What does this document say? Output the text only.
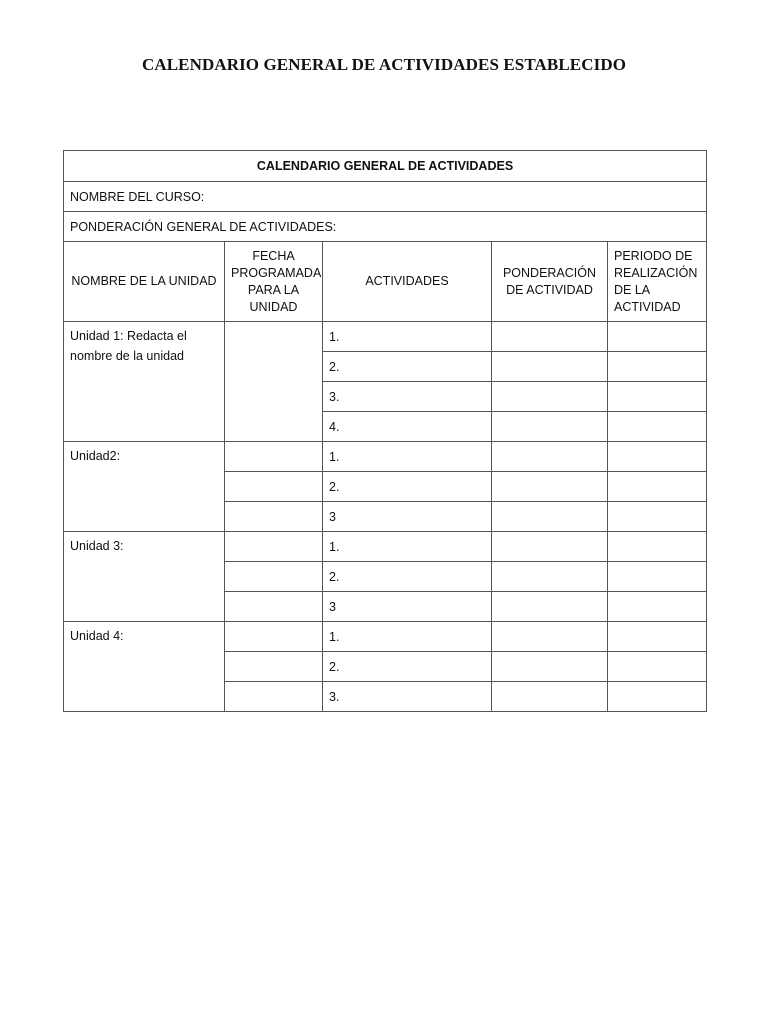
CALENDARIO GENERAL DE ACTIVIDADES ESTABLECIDO
CALENDARIO GENERAL DE ACTIVIDADES				
NOMBRE DEL CURSO:				
PONDERACIÓN GENERAL DE ACTIVIDADES:				
NOMBRE DE LA UNIDAD	FECHA PROGRAMADA PARA LA UNIDAD	ACTIVIDADES	PONDERACIÓN DE ACTIVIDAD	PERIODO DE REALIZACIÓN DE LA ACTIVIDAD
Unidad 1: Redacta el nombre de la unidad		1.		
		2.		
		3.		
		4.		
Unidad2:		1.		
		2.		
		3		
Unidad 3:		1.		
		2.		
		3		
Unidad 4:		1.		
		2.		
		3.		
